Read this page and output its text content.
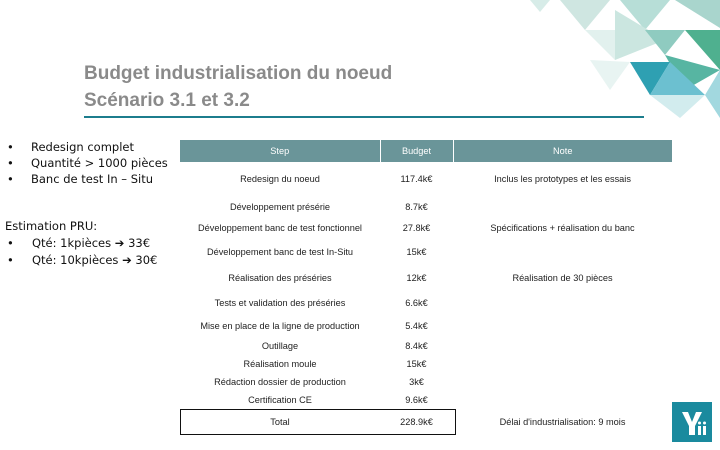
Budget industrialisation du noeud
Scénario 3.1 et 3.2
• Redesign complet
• Quantité > 1000 pièces
• Banc de test In – Situ
Estimation PRU:
• Qté: 1kpièces ➔ 33€
• Qté: 10kpièces ➔ 30€
Step	Budget	Note
Redesign du noeud	117.4k€	Inclus les prototypes et les essais
Développement présérie	8.7k€	
Développement banc de test fonctionnel	27.8k€	Spécifications + réalisation du banc
Développement banc de test In-Situ	15k€	
Réalisation des préséries	12k€	Réalisation de 30 pièces
Tests et validation des préséries	6.6k€	
Mise en place de la ligne de production	5.4k€	
Outillage	8.4k€	
Réalisation moule	15k€	
Rédaction dossier de production	3k€	
Certification CE	9.6k€	
Total	228.9k€	Délai d'industrialisation: 9 mois
